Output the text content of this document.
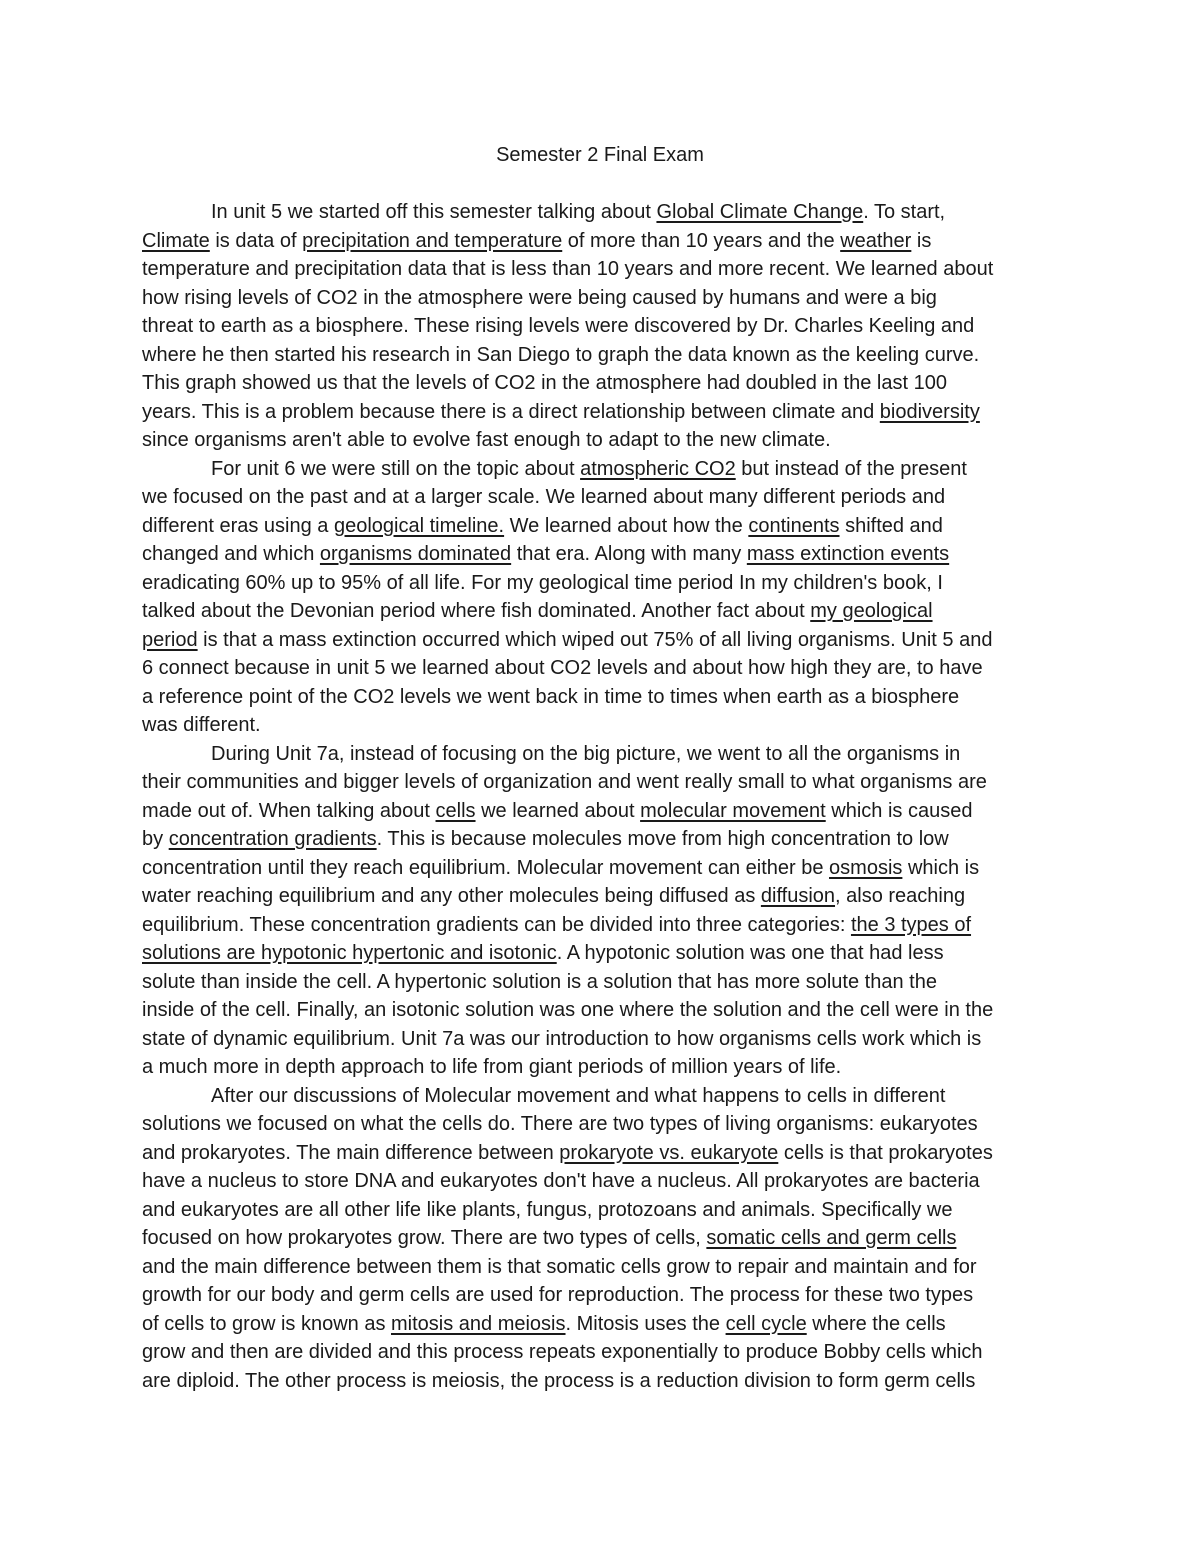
Semester 2 Final Exam
In unit 5 we started off this semester talking about Global Climate Change. To start,
Climate is data of precipitation and temperature of more than 10 years and the weather is
temperature and precipitation data that is less than 10 years and more recent. We learned about
how rising levels of CO2 in the atmosphere were being caused by humans and were a big
threat to earth as a biosphere. These rising levels were discovered by Dr. Charles Keeling and
where he then started his research in San Diego to graph the data known as the keeling curve.
This graph showed us that the levels of CO2 in the atmosphere had doubled in the last 100
years. This is a problem because there is a direct relationship between climate and biodiversity
since organisms aren't able to evolve fast enough to adapt to the new climate.
For unit 6 we were still on the topic about atmospheric CO2 but instead of the present
we focused on the past and at a larger scale. We learned about many different periods and
different eras using a geological timeline. We learned about how the continents shifted and
changed and which organisms dominated that era. Along with many mass extinction events
eradicating 60% up to 95% of all life. For my geological time period In my children's book, I
talked about the Devonian period where fish dominated. Another fact about my geological
period is that a mass extinction occurred which wiped out 75% of all living organisms. Unit 5 and
6 connect because in unit 5 we learned about CO2 levels and about how high they are, to have
a reference point of the CO2 levels we went back in time to times when earth as a biosphere
was different.
During Unit 7a, instead of focusing on the big picture, we went to all the organisms in
their communities and bigger levels of organization and went really small to what organisms are
made out of. When talking about cells we learned about molecular movement which is caused
by concentration gradients. This is because molecules move from high concentration to low
concentration until they reach equilibrium. Molecular movement can either be osmosis which is
water reaching equilibrium and any other molecules being diffused as diffusion, also reaching
equilibrium. These concentration gradients can be divided into three categories: the 3 types of
solutions are hypotonic hypertonic and isotonic. A hypotonic solution was one that had less
solute than inside the cell. A hypertonic solution is a solution that has more solute than the
inside of the cell. Finally, an isotonic solution was one where the solution and the cell were in the
state of dynamic equilibrium. Unit 7a was our introduction to how organisms cells work which is
a much more in depth approach to life from giant periods of million years of life.
After our discussions of Molecular movement and what happens to cells in different
solutions we focused on what the cells do. There are two types of living organisms: eukaryotes
and prokaryotes. The main difference between prokaryote vs. eukaryote cells is that prokaryotes
have a nucleus to store DNA and eukaryotes don't have a nucleus. All prokaryotes are bacteria
and eukaryotes are all other life like plants, fungus, protozoans and animals. Specifically we
focused on how prokaryotes grow. There are two types of cells, somatic cells and germ cells
and the main difference between them is that somatic cells grow to repair and maintain and for
growth for our body and germ cells are used for reproduction. The process for these two types
of cells to grow is known as mitosis and meiosis. Mitosis uses the cell cycle where the cells
grow and then are divided and this process repeats exponentially to produce Bobby cells which
are diploid. The other process is meiosis, the process is a reduction division to form germ cells
